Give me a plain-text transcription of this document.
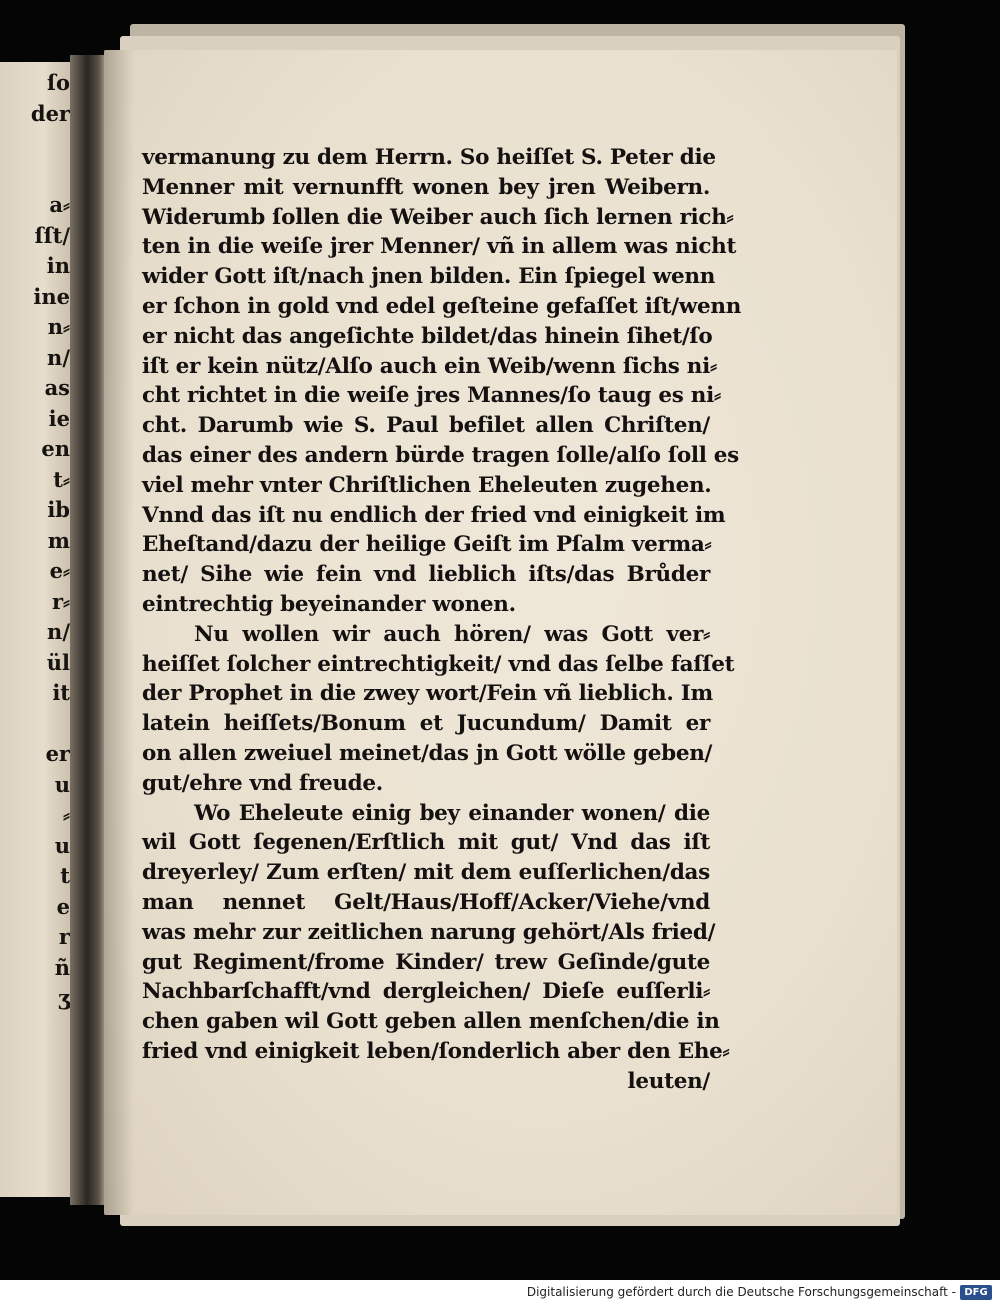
ſo
der
a⸗
ſſt/
in
ine
n⸗
n/
as
ie
en
t⸗
ib
m
e⸗
r⸗
n/
ül
it
er
u
⸗
u
t
e
r
ñ
ʒ
vermanung zu dem Herrn. So heiſſet S. Peter die
Menner mit vernunfft wonen bey jren Weibern.
Widerumb ſollen die Weiber auch ſich lernen rich⸗
ten in die weiſe jrer Menner/ vñ in allem was nicht
wider Gott iſt/nach jnen bilden. Ein ſpiegel wenn
er ſchon in gold vnd edel geſteine gefaſſet iſt/wenn
er nicht das angeſichte bildet/das hinein ſihet/ſo
iſt er kein nütz/Alſo auch ein Weib/wenn ſichs ni⸗
cht richtet in die weiſe jres Mannes/ſo taug es ni⸗
cht. Darumb wie S. Paul befilet allen Chriſten/
das einer des andern bürde tragen ſolle/alſo ſoll es
viel mehr vnter Chriſtlichen Eheleuten zugehen.
Vnnd das iſt nu endlich der fried vnd einigkeit im
Eheſtand/dazu der heilige Geiſt im Pſalm verma⸗
net/ Sihe wie fein vnd lieblich iſts/das Brůder
eintrechtig beyeinander wonen.
Nu wollen wir auch hören/ was Gott ver⸗
heiſſet ſolcher eintrechtigkeit/ vnd das ſelbe faſſet
der Prophet in die zwey wort/Fein vñ lieblich. Im
latein heiſſets/Bonum et Jucundum/ Damit er
on allen zweiuel meinet/das jn Gott wölle geben/
gut/ehre vnd freude.
Wo Eheleute einig bey einander wonen/ die
wil Gott ſegenen/Erſtlich mit gut/ Vnd das iſt
dreyerley/ Zum erſten/ mit dem euſſerlichen/das
man nennet Gelt/Haus/Hoff/Acker/Viehe/vnd
was mehr zur zeitlichen narung gehört/Als fried/
gut Regiment/frome Kinder/ trew Geſinde/gute
Nachbarſchafft/vnd dergleichen/ Dieſe euſſerli⸗
chen gaben wil Gott geben allen menſchen/die in
fried vnd einigkeit leben/ſonderlich aber den Ehe⸗
leuten/
Digitalisierung gefördert durch die Deutsche Forschungsgemeinschaft - DFG
